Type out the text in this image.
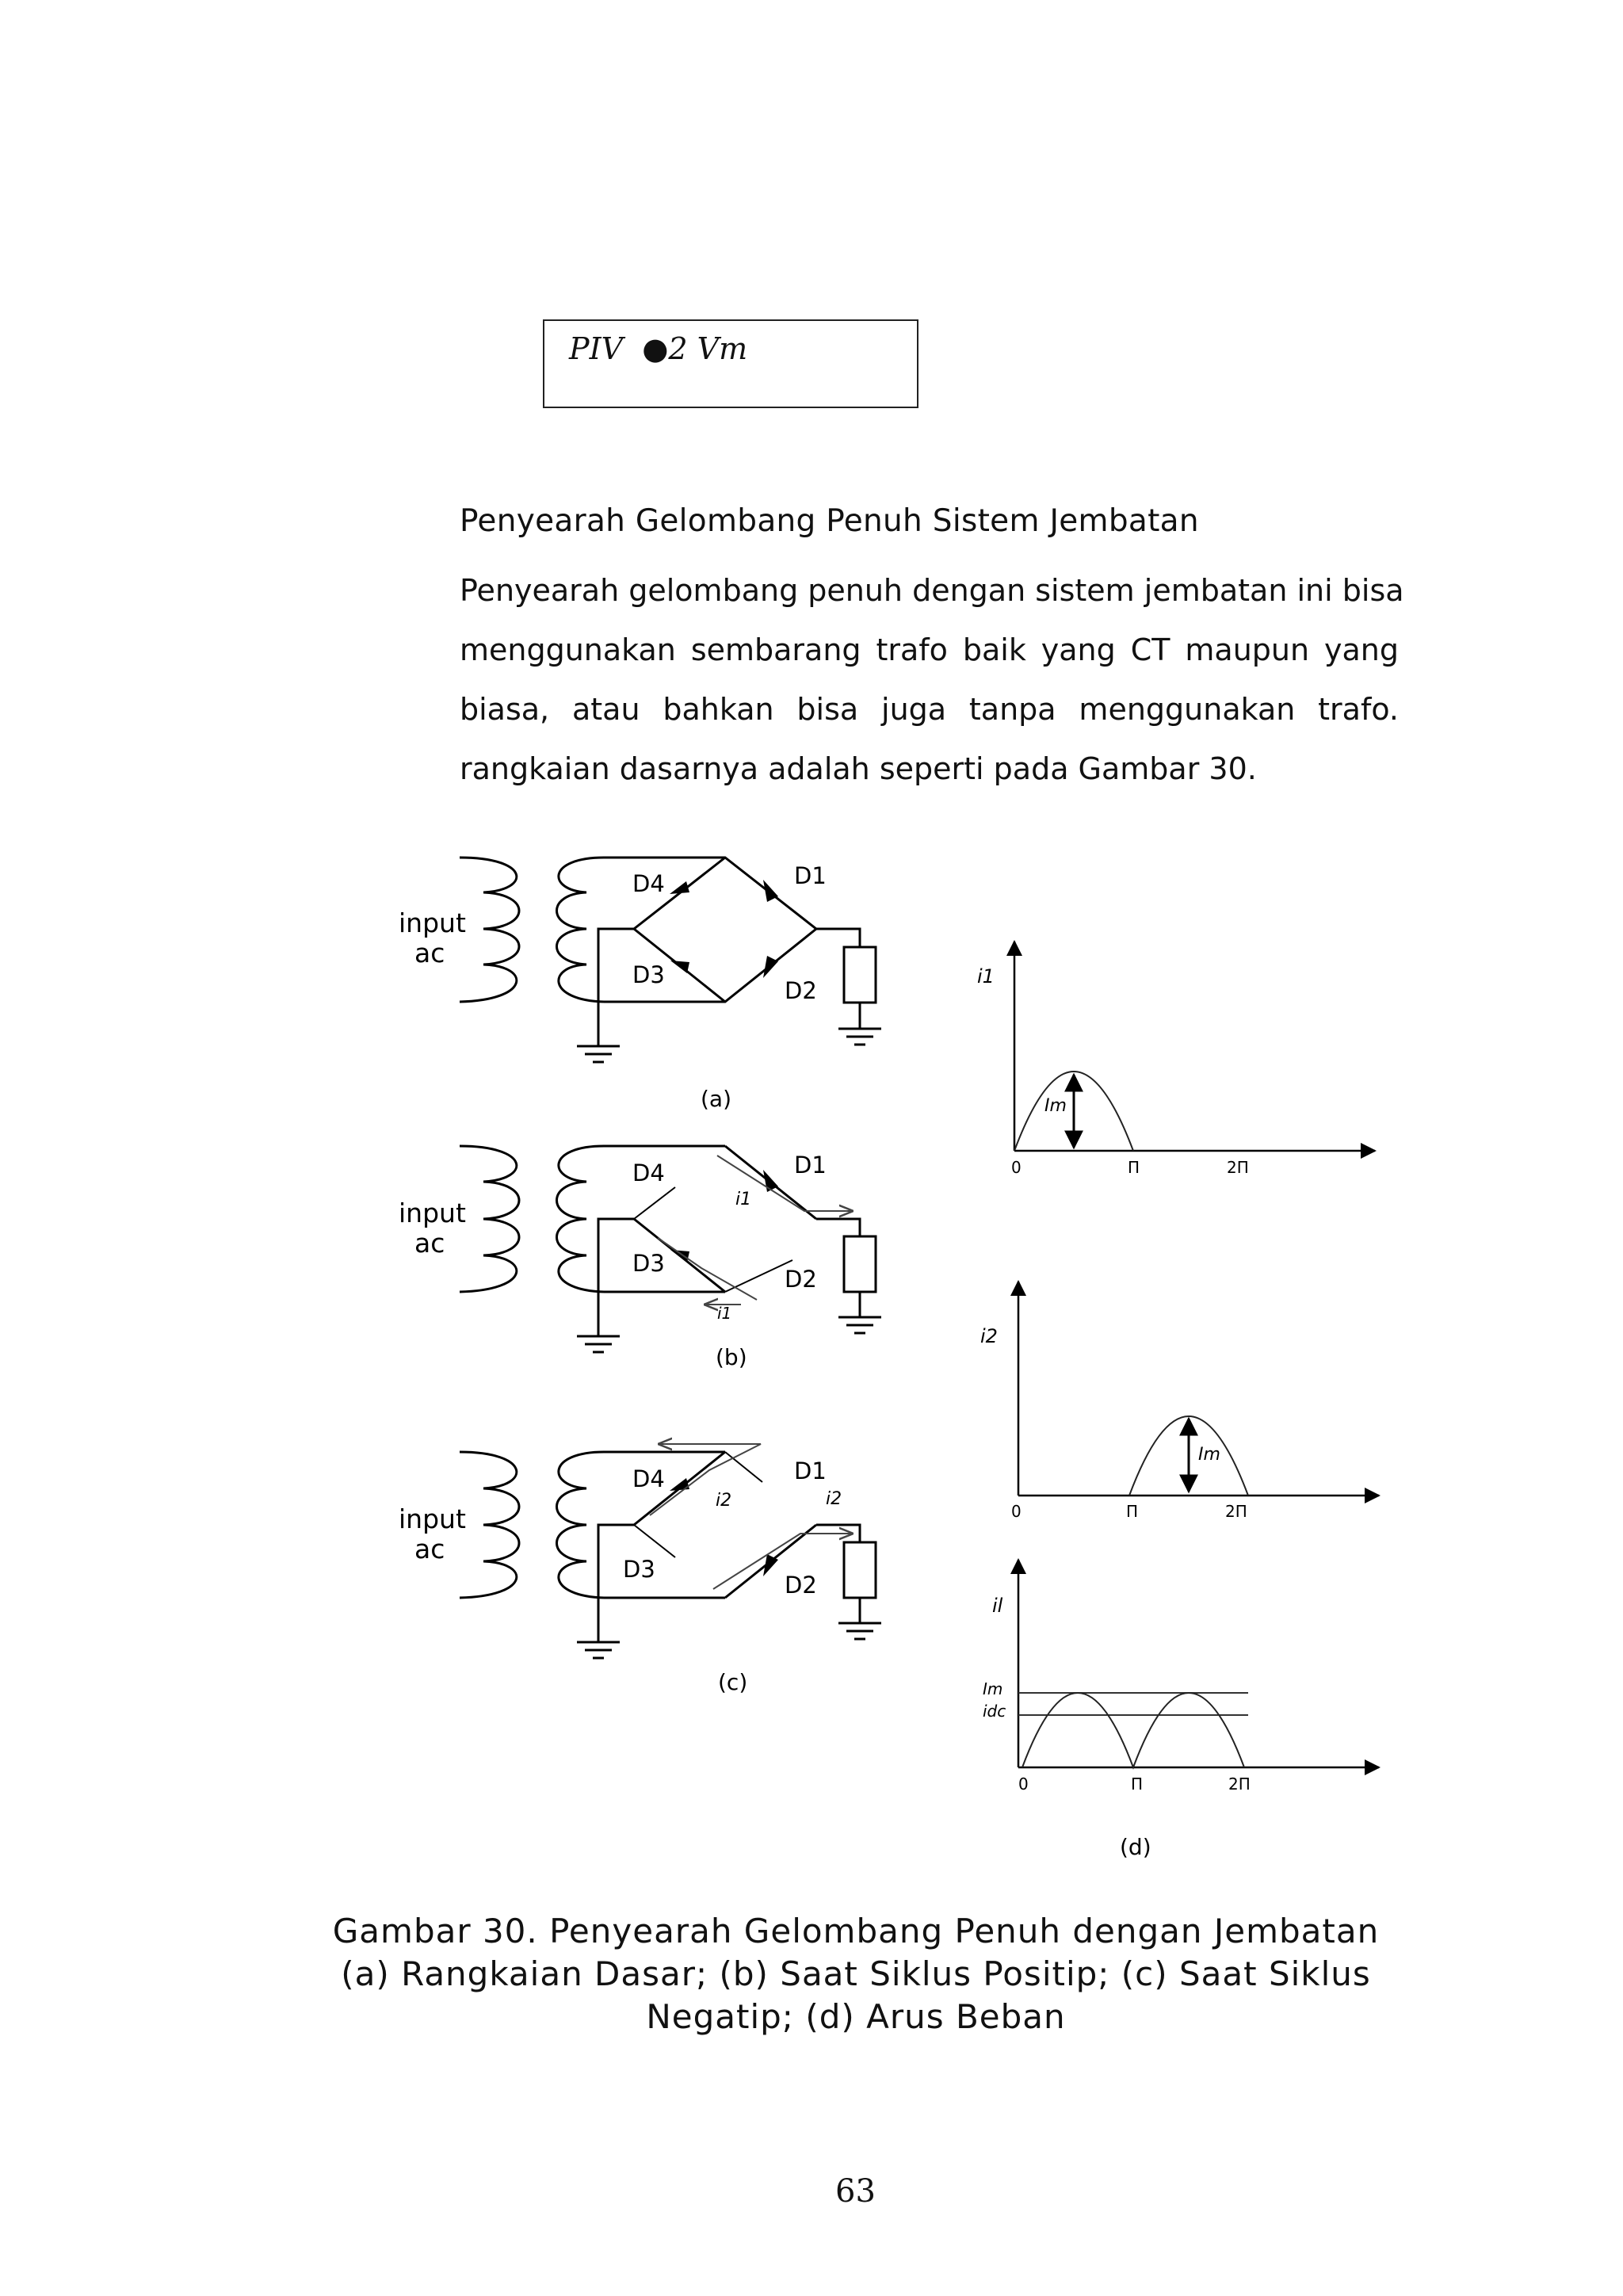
PIV ●2 Vm
Penyearah Gelombang Penuh Sistem Jembatan
Penyearah gelombang penuh dengan sistem jembatan ini bisa
menggunakan sembarang trafo baik yang CT maupun yang
biasa, atau bahkan bisa juga tanpa menggunakan trafo.
rangkaian dasarnya adalah seperti pada Gambar 30.
input
ac
D4	D1
D3
D2
(a)
input
ac
D4	D1
D3
D2
i1
i1
(b)
input
ac
D4	D1
D3
D2
i2	i2
(c)
i1
Im
0	Π	2Π
i2
Im
0	Π	2Π
il
Im
idc
0	Π	2Π
(d)
Gambar 30. Penyearah Gelombang Penuh dengan Jembatan
(a) Rangkaian Dasar; (b) Saat Siklus Positip; (c) Saat Siklus
Negatip; (d) Arus Beban
63
